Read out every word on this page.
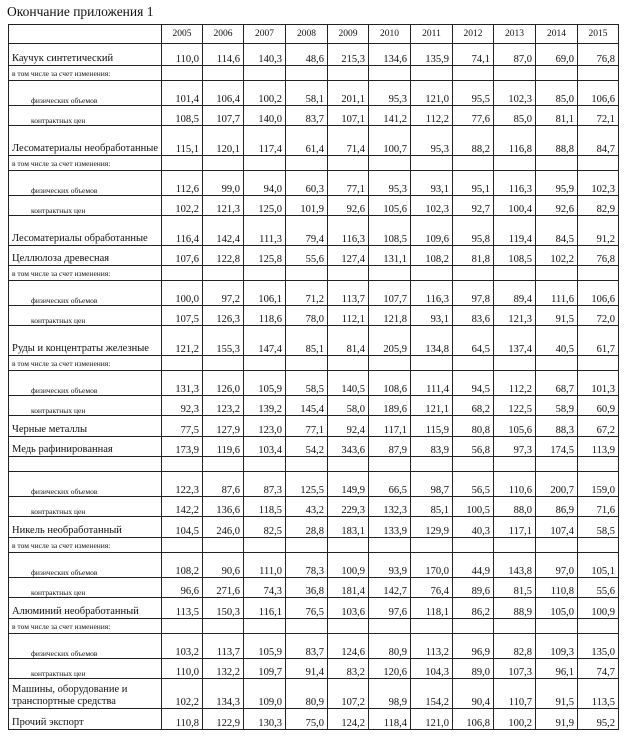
Окончание приложения 1
	2005	2006	2007	2008	2009	2010	2011	2012	2013	2014	2015
Каучук синтетический	110,0	114,6	140,3	48,6	215,3	134,6	135,9	74,1	87,0	69,0	76,8
в том числе за счет изменения:											
физических объемов	101,4	106,4	100,2	58,1	201,1	95,3	121,0	95,5	102,3	85,0	106,6
контрактных цен	108,5	107,7	140,0	83,7	107,1	141,2	112,2	77,6	85,0	81,1	72,1
Лесоматериалы необработанные	115,1	120,1	117,4	61,4	71,4	100,7	95,3	88,2	116,8	88,8	84,7
в том числе за счет изменения:											
физических объемов	112,6	99,0	94,0	60,3	77,1	95,3	93,1	95,1	116,3	95,9	102,3
контрактных цен	102,2	121,3	125,0	101,9	92,6	105,6	102,3	92,7	100,4	92,6	82,9
Лесоматериалы обработанные	116,4	142,4	111,3	79,4	116,3	108,5	109,6	95,8	119,4	84,5	91,2
Целлюлоза древесная	107,6	122,8	125,8	55,6	127,4	131,1	108,2	81,8	108,5	102,2	76,8
в том числе за счет изменения:											
физических объемов	100,0	97,2	106,1	71,2	113,7	107,7	116,3	97,8	89,4	111,6	106,6
контрактных цен	107,5	126,3	118,6	78,0	112,1	121,8	93,1	83,6	121,3	91,5	72,0
Руды и концентраты железные	121,2	155,3	147,4	85,1	81,4	205,9	134,8	64,5	137,4	40,5	61,7
в том числе за счет изменения:											
физических объемов	131,3	126,0	105,9	58,5	140,5	108,6	111,4	94,5	112,2	68,7	101,3
контрактных цен	92,3	123,2	139,2	145,4	58,0	189,6	121,1	68,2	122,5	58,9	60,9
Черные металлы	77,5	127,9	123,0	77,1	92,4	117,1	115,9	80,8	105,6	88,3	67,2
Медь рафинированная	173,9	119,6	103,4	54,2	343,6	87,9	83,9	56,8	97,3	174,5	113,9

физических объемов	122,3	87,6	87,3	125,5	149,9	66,5	98,7	56,5	110,6	200,7	159,0
контрактных цен	142,2	136,6	118,5	43,2	229,3	132,3	85,1	100,5	88,0	86,9	71,6
Никель необработанный	104,5	246,0	82,5	28,8	183,1	133,9	129,9	40,3	117,1	107,4	58,5
в том числе за счет изменения:											
физических объемов	108,2	90,6	111,0	78,3	100,9	93,9	170,0	44,9	143,8	97,0	105,1
контрактных цен	96,6	271,6	74,3	36,8	181,4	142,7	76,4	89,6	81,5	110,8	55,6
Алюминий необработанный	113,5	150,3	116,1	76,5	103,6	97,6	118,1	86,2	88,9	105,0	100,9
в том числе за счет изменения:											
физических объемов	103,2	113,7	105,9	83,7	124,6	80,9	113,2	96,9	82,8	109,3	135,0
контрактных цен	110,0	132,2	109,7	91,4	83,2	120,6	104,3	89,0	107,3	96,1	74,7
Машины, оборудование и транспортные средства	102,2	134,3	109,0	80,9	107,2	98,9	154,2	90,4	110,7	91,5	113,5
Прочий экспорт	110,8	122,9	130,3	75,0	124,2	118,4	121,0	106,8	100,2	91,9	95,2
